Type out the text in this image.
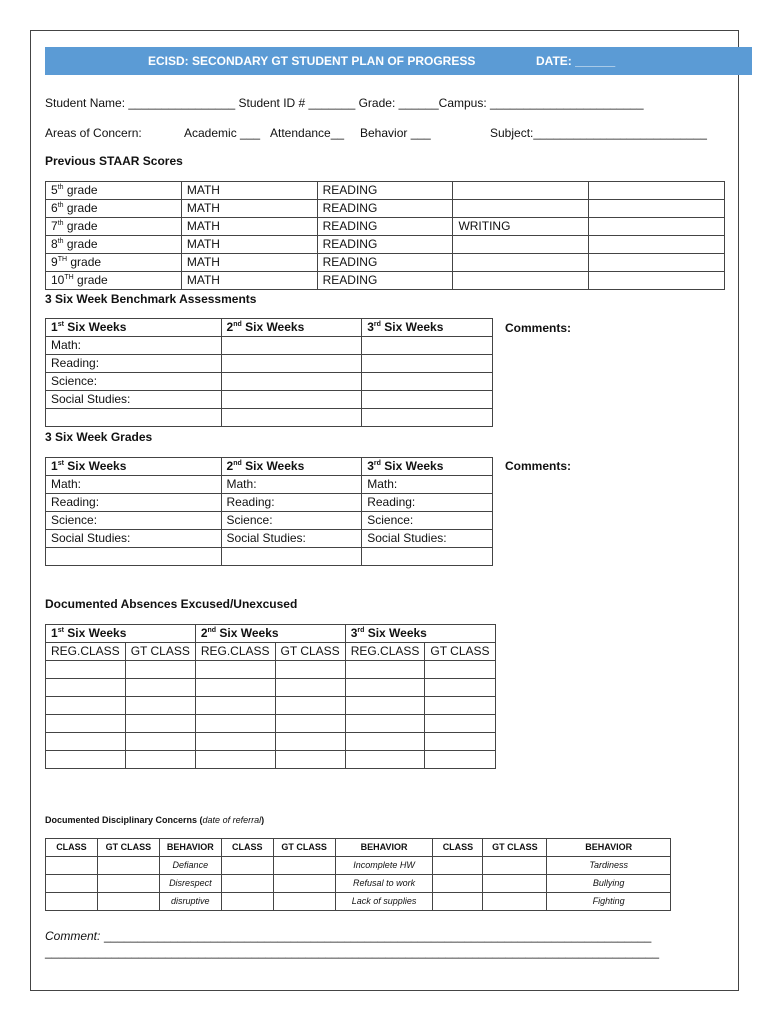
ECISD: SECONDARY GT STUDENT PLAN OF PROGRESS	DATE: ______
Student Name: ________________ Student ID # _______ Grade: ______Campus: _______________________
Areas of Concern:	Academic ___ Attendance__ Behavior ___	Subject:__________________________
Previous STAAR Scores
5th grade	MATH	READING		
6th grade	MATH	READING		
7th grade	MATH	READING	WRITING	
8th grade	MATH	READING		
9TH grade	MATH	READING		
10TH grade	MATH	READING		
3 Six Week Benchmark Assessments
1st Six Weeks	2nd Six Weeks	3rd Six Weeks
Math:		
Reading:		
Science:		
Social Studies:		

Comments:
3 Six Week Grades
1st Six Weeks	2nd Six Weeks	3rd Six Weeks
Math:	Math:	Math:
Reading:	Reading:	Reading:
Science:	Science:	Science:
Social Studies:	Social Studies:	Social Studies:

Comments:
Documented Absences Excused/Unexcused
1st Six Weeks		2nd Six Weeks		3rd Six Weeks	
REG.CLASS	GT CLASS	REG.CLASS	GT CLASS	REG.CLASS	GT CLASS

Documented Disciplinary Concerns (date of referral)
CLASS	GT CLASS	BEHAVIOR	CLASS	GT CLASS	BEHAVIOR	CLASS	GT CLASS	BEHAVIOR
		Defiance			Incomplete HW			Tardiness
		Disrespect			Refusal to work			Bullying
		disruptive			Lack of supplies			Fighting
Comment: __________________________________________________________________________________
____________________________________________________________________________________________
